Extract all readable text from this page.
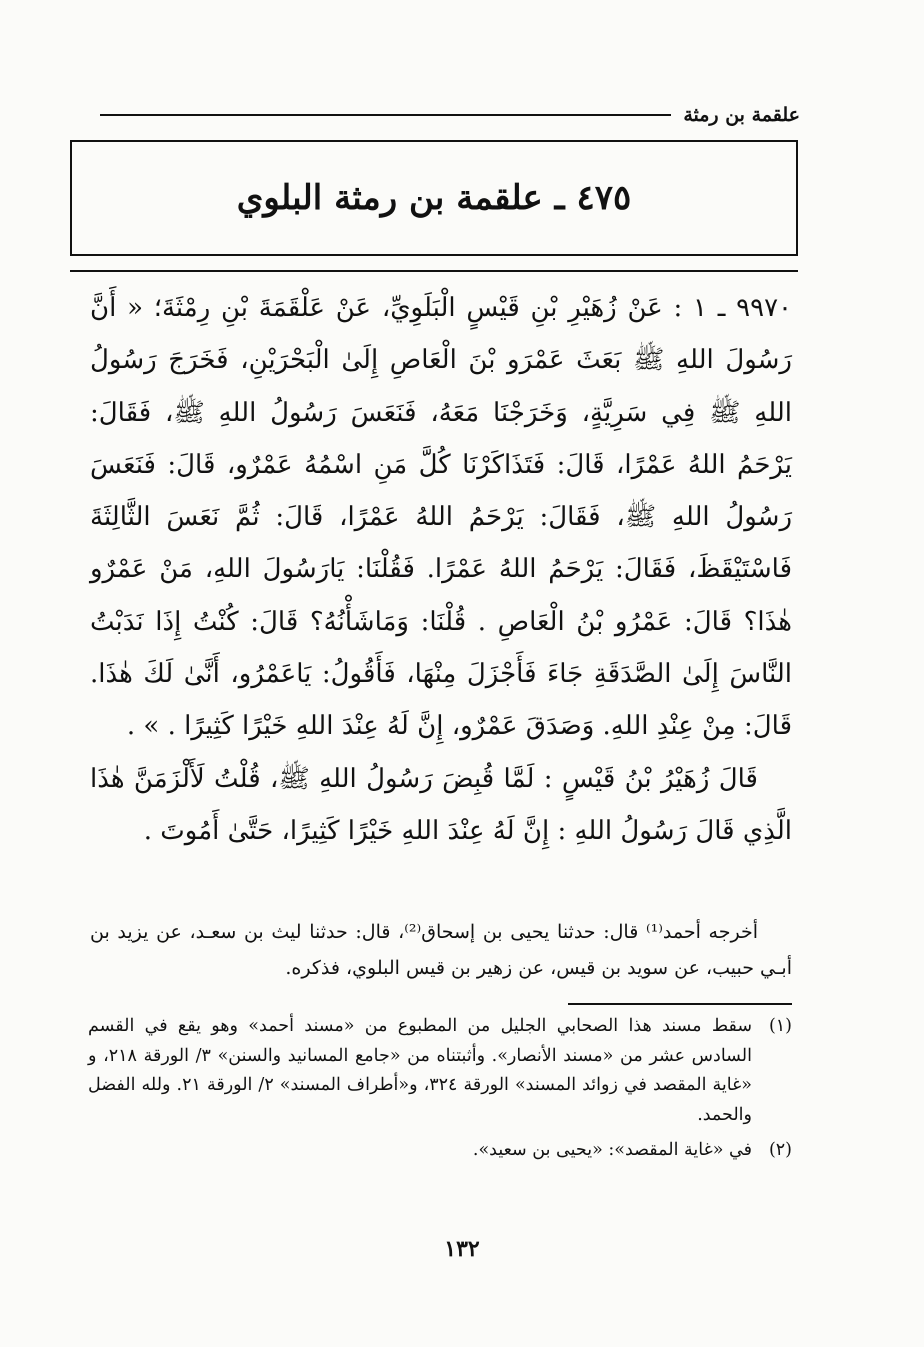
علقمة بن رمثة
٤٧٥ ـ علقمة بن رمثة البلوي

٩٩٧٠ ـ ١ : عَنْ زُهَيْرِ بْنِ قَيْسٍ الْبَلَوِيِّ، عَنْ عَلْقَمَةَ بْنِ رِمْثَةَ؛ « أَنَّ رَسُولَ اللهِ ﷺ بَعَثَ عَمْرَو بْنَ الْعَاصِ إِلَىٰ الْبَحْرَيْنِ، فَخَرَجَ رَسُولُ اللهِ ﷺ فِي سَرِيَّةٍ، وَخَرَجْنَا مَعَهُ، فَنَعَسَ رَسُولُ اللهِ ﷺ، فَقَالَ: يَرْحَمُ اللهُ عَمْرًا، قَالَ: فَتَذَاكَرْنَا كُلَّ مَنِ اسْمُهُ عَمْرٌو، قَالَ: فَنَعَسَ رَسُولُ اللهِ ﷺ، فَقَالَ: يَرْحَمُ اللهُ عَمْرًا، قَالَ: ثُمَّ نَعَسَ الثَّالِثَةَ فَاسْتَيْقَظَ، فَقَالَ: يَرْحَمُ اللهُ عَمْرًا. فَقُلْنَا: يَارَسُولَ اللهِ، مَنْ عَمْرٌو هٰذَا؟ قَالَ: عَمْرُو بْنُ الْعَاصِ . قُلْنَا: وَمَاشَأْنُهُ؟ قَالَ: كُنْتُ إِذَا نَدَبْتُ النَّاسَ إِلَىٰ الصَّدَقَةِ جَاءَ فَأَجْزَلَ مِنْهَا، فَأَقُولُ: يَاعَمْرُو، أَنَّىٰ لَكَ هٰذَا. قَالَ: مِنْ عِنْدِ اللهِ. وَصَدَقَ عَمْرٌو، إِنَّ لَهُ عِنْدَ اللهِ خَيْرًا كَثِيرًا . » .

قَالَ زُهَيْرُ بْنُ قَيْسٍ : لَمَّا قُبِضَ رَسُولُ اللهِ ﷺ، قُلْتُ لَأَلْزَمَنَّ هٰذَا الَّذِي قَالَ رَسُولُ اللهِ : إِنَّ لَهُ عِنْدَ اللهِ خَيْرًا كَثِيرًا، حَتَّىٰ أَمُوتَ .

أخرجه أحمد⁽¹⁾ قال: حدثنا يحيى بن إسحاق⁽²⁾، قال: حدثنا ليث بن سعـد، عن يزيد بن أبـي حبيب، عن سويد بن قيس، عن زهير بن قيس البلوي، فذكره.

(١)
سقط مسند هذا الصحابي الجليل من المطبوع من «مسند أحمد» وهو يقع في القسم السادس عشر من «مسند الأنصار». وأثبتناه من «جامع المسانيد والسنن» ٣/ الورقة ٢١٨، و «غاية المقصد في زوائد المسند» الورقة ٣٢٤، و«أطراف المسند» ٢/ الورقة ٢١. ولله الفضل والحمد.
(٢)
في «غاية المقصد»: «يحيى بن سعيد».
١٣٢
